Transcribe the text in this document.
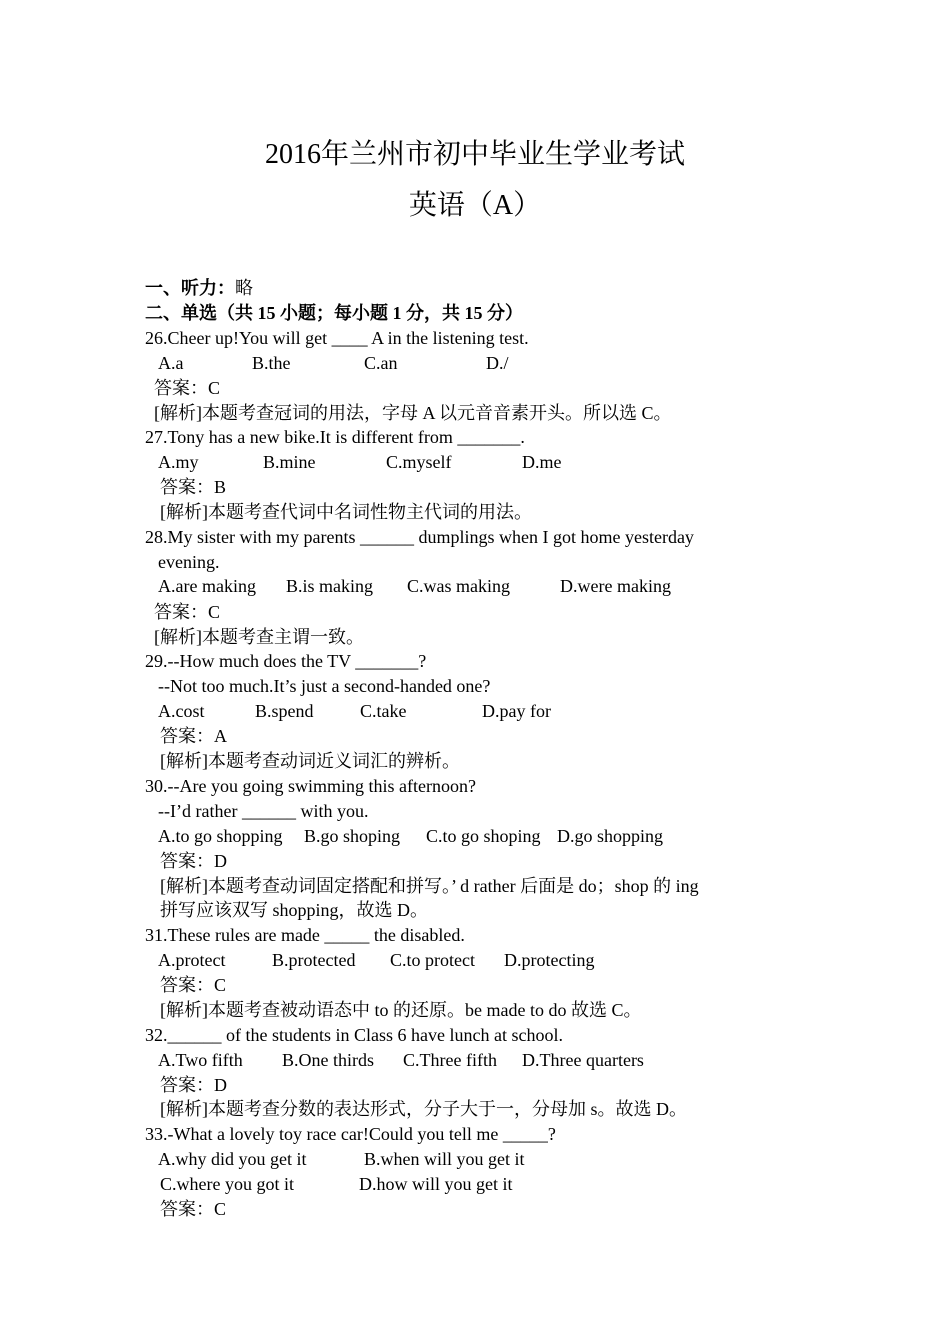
2016年兰州市初中毕业生学业考试
英语（A）
一、听力：略
二、单选（共 15 小题；每小题 1 分，共 15 分）
26.Cheer up!You will get ____ A in the listening test.
A.a	B.the	C.an	D./
答案：C
[解析]本题考查冠词的用法，字母 A 以元音音素开头。所以选 C。
27.Tony has a new bike.It is different from _______.
A.my	B.mine	C.myself	D.me
答案：B
[解析]本题考查代词中名词性物主代词的用法。
28.My sister with my parents ______ dumplings when I got home yesterday
evening.
A.are making B.is making C.was making	D.were making
答案：C
[解析]本题考查主谓一致。
29.--How much does the TV _______?
--Not too much.It’s just a second-handed one?
A.cost	B.spend	C.take	D.pay for
答案：A
[解析]本题考查动词近义词汇的辨析。
30.--Are you going swimming this afternoon?
--I’d rather ______ with you.
A.to go shopping B.go shoping C.to go shoping D.go shopping
答案：D
[解析]本题考查动词固定搭配和拼写。’ d rather 后面是 do；shop 的 ing
拼写应该双写 shopping，故选 D。
31.These rules are made _____ the disabled.
A.protect	B.protected C.to protect D.protecting
答案：C
[解析]本题考查被动语态中 to 的还原。be made to do 故选 C。
32.______ of the students in Class 6 have lunch at school.
A.Two fifth B.One thirds C.Three fifth D.Three quarters
答案：D
[解析]本题考查分数的表达形式，分子大于一，分母加 s。故选 D。
33.-What a lovely toy race car!Could you tell me _____?
A.why did you get it	B.when will you get it
C.where you got it	D.how will you get it
答案：C
